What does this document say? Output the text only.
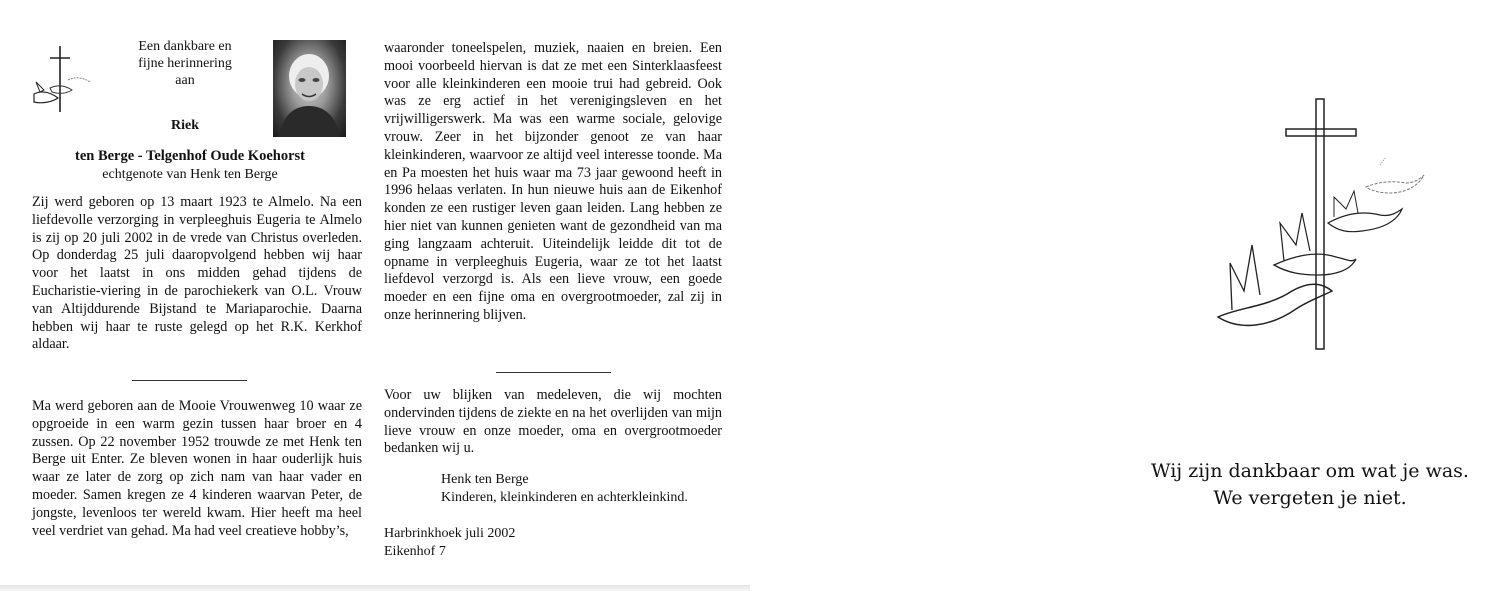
Een dankbare en
fijne herinnering
aan
Riek
ten Berge - Telgenhof Oude Koehorst
echtgenote van Henk ten Berge

Zij werd geboren op 13 maart 1923 te Almelo. Na een liefdevolle verzorging in verpleeghuis Eugeria te Almelo is zij op 20 juli 2002 in de vrede van Christus overleden. Op donderdag 25 juli daaropvolgend hebben wij haar voor het laatst in ons midden gehad tijdens de Eucharistie-viering in de parochiekerk van O.L. Vrouw van Altijddurende Bijstand te Mariaparochie. Daarna hebben wij haar te ruste gelegd op het R.K. Kerkhof aldaar.

Ma werd geboren aan de Mooie Vrouwenweg 10 waar ze opgroeide in een warm gezin tussen haar broer en 4 zussen. Op 22 november 1952 trouwde ze met Henk ten Berge uit Enter. Ze bleven wonen in haar ouderlijk huis waar ze later de zorg op zich nam van haar vader en moeder. Samen kregen ze 4 kinderen waarvan Peter, de jongste, levenloos ter wereld kwam. Hier heeft ma heel veel verdriet van gehad. Ma had veel creatieve hobby’s,

waaronder toneelspelen, muziek, naaien en breien. Een mooi voorbeeld hiervan is dat ze met een Sinterklaasfeest voor alle kleinkinderen een mooie trui had gebreid. Ook was ze erg actief in het verenigingsleven en het vrijwilligerswerk. Ma was een warme sociale, gelovige vrouw. Zeer in het bijzonder genoot ze van haar kleinkinderen, waarvoor ze altijd veel interesse toonde. Ma en Pa moesten het huis waar ma 73 jaar gewoond heeft in 1996 helaas verlaten. In hun nieuwe huis aan de Eikenhof konden ze een rustiger leven gaan leiden. Lang hebben ze hier niet van kunnen genieten want de gezondheid van ma ging langzaam achteruit. Uiteindelijk leidde dit tot de opname in verpleeghuis Eugeria, waar ze tot het laatst liefdevol verzorgd is. Als een lieve vrouw, een goede moeder en een fijne oma en overgrootmoeder, zal zij in onze herinnering blijven.

Voor uw blijken van medeleven, die wij mochten ondervinden tijdens de ziekte en na het overlijden van mijn lieve vrouw en onze moeder, oma en overgrootmoeder bedanken wij u.

Henk ten Berge
Kinderen, kleinkinderen en achterkleinkind.
Harbrinkhoek juli 2002
Eikenhof 7
Wij zijn dankbaar om wat je was.
We vergeten je niet.
